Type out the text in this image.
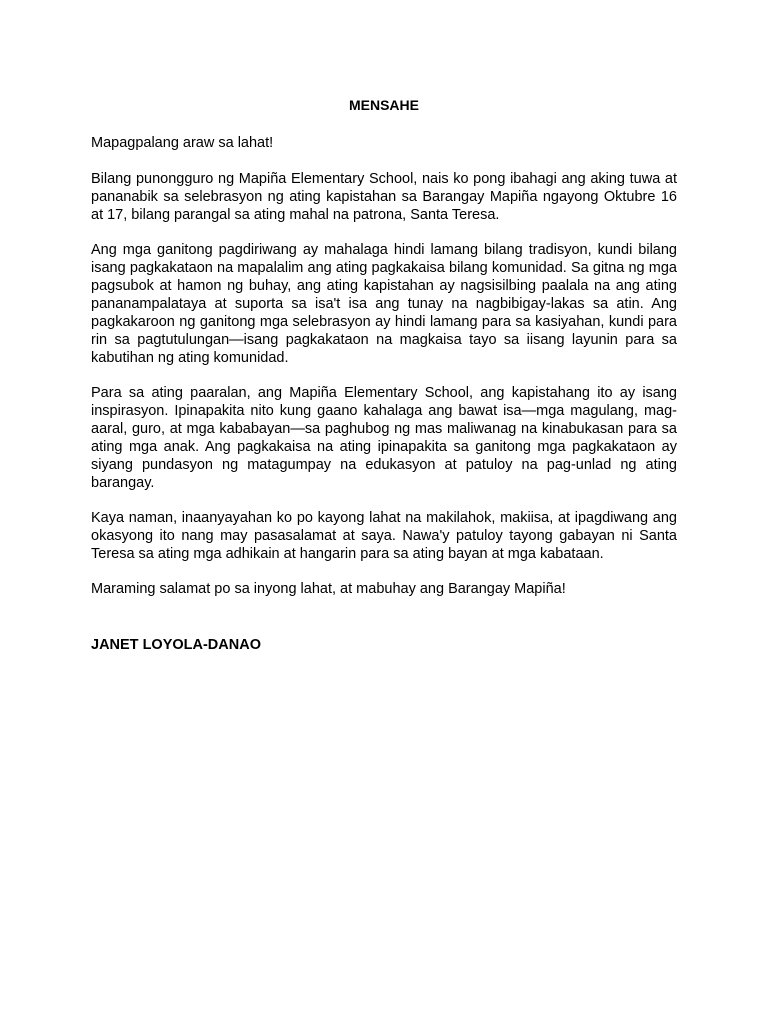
MENSAHE

Mapagpalang araw sa lahat!

Bilang punongguro ng Mapiña Elementary School, nais ko pong ibahagi ang aking tuwa at pananabik sa selebrasyon ng ating kapistahan sa Barangay Mapiña ngayong Oktubre 16 at 17, bilang parangal sa ating mahal na patrona, Santa Teresa.

Ang mga ganitong pagdiriwang ay mahalaga hindi lamang bilang tradisyon, kundi bilang isang pagkakataon na mapalalim ang ating pagkakaisa bilang komunidad. Sa gitna ng mga pagsubok at hamon ng buhay, ang ating kapistahan ay nagsisilbing paalala na ang ating pananampalataya at suporta sa isa't isa ang tunay na nagbibigay-lakas sa atin. Ang pagkakaroon ng ganitong mga selebrasyon ay hindi lamang para sa kasiyahan, kundi para rin sa pagtutulungan—isang pagkakataon na magkaisa tayo sa iisang layunin para sa kabutihan ng ating komunidad.

Para sa ating paaralan, ang Mapiña Elementary School, ang kapistahang ito ay isang inspirasyon. Ipinapakita nito kung gaano kahalaga ang bawat isa—mga magulang, mag-aaral, guro, at mga kababayan—sa paghubog ng mas maliwanag na kinabukasan para sa ating mga anak. Ang pagkakaisa na ating ipinapakita sa ganitong mga pagkakataon ay siyang pundasyon ng matagumpay na edukasyon at patuloy na pag-unlad ng ating barangay.

Kaya naman, inaanyayahan ko po kayong lahat na makilahok, makiisa, at ipagdiwang ang okasyong ito nang may pasasalamat at saya. Nawa'y patuloy tayong gabayan ni Santa Teresa sa ating mga adhikain at hangarin para sa ating bayan at mga kabataan.

Maraming salamat po sa inyong lahat, at mabuhay ang Barangay Mapiña!

JANET LOYOLA-DANAO
